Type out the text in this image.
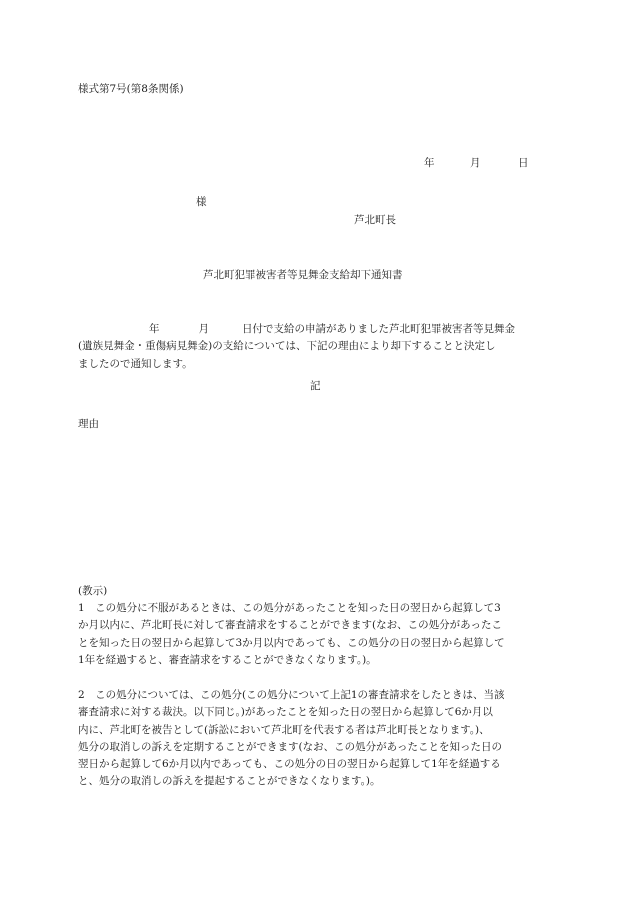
様式第7号(第8条関係)
年	月	日
様
芦北町長
芦北町犯罪被害者等見舞金支給却下通知書
年	月	日付で支給の申請がありました芦北町犯罪被害者等見舞金
(遺族見舞金・重傷病見舞金)の支給については、下記の理由により却下することと決定し
ましたので通知します。
記
理由
(教示)
1　この処分に不服があるときは、この処分があったことを知った日の翌日から起算して3
か月以内に、芦北町長に対して審査請求をすることができます(なお、この処分があったこ
とを知った日の翌日から起算して3か月以内であっても、この処分の日の翌日から起算して
1年を経過すると、審査請求をすることができなくなります。)。
2　この処分については、この処分(この処分について上記1の審査請求をしたときは、当該
審査請求に対する裁決。以下同じ。)があったことを知った日の翌日から起算して6か月以
内に、芦北町を被告として(訴訟において芦北町を代表する者は芦北町長となります。)、
処分の取消しの訴えを定期することができます(なお、この処分があったことを知った日の
翌日から起算して6か月以内であっても、この処分の日の翌日から起算して1年を経過する
と、処分の取消しの訴えを提起することができなくなります。)。
